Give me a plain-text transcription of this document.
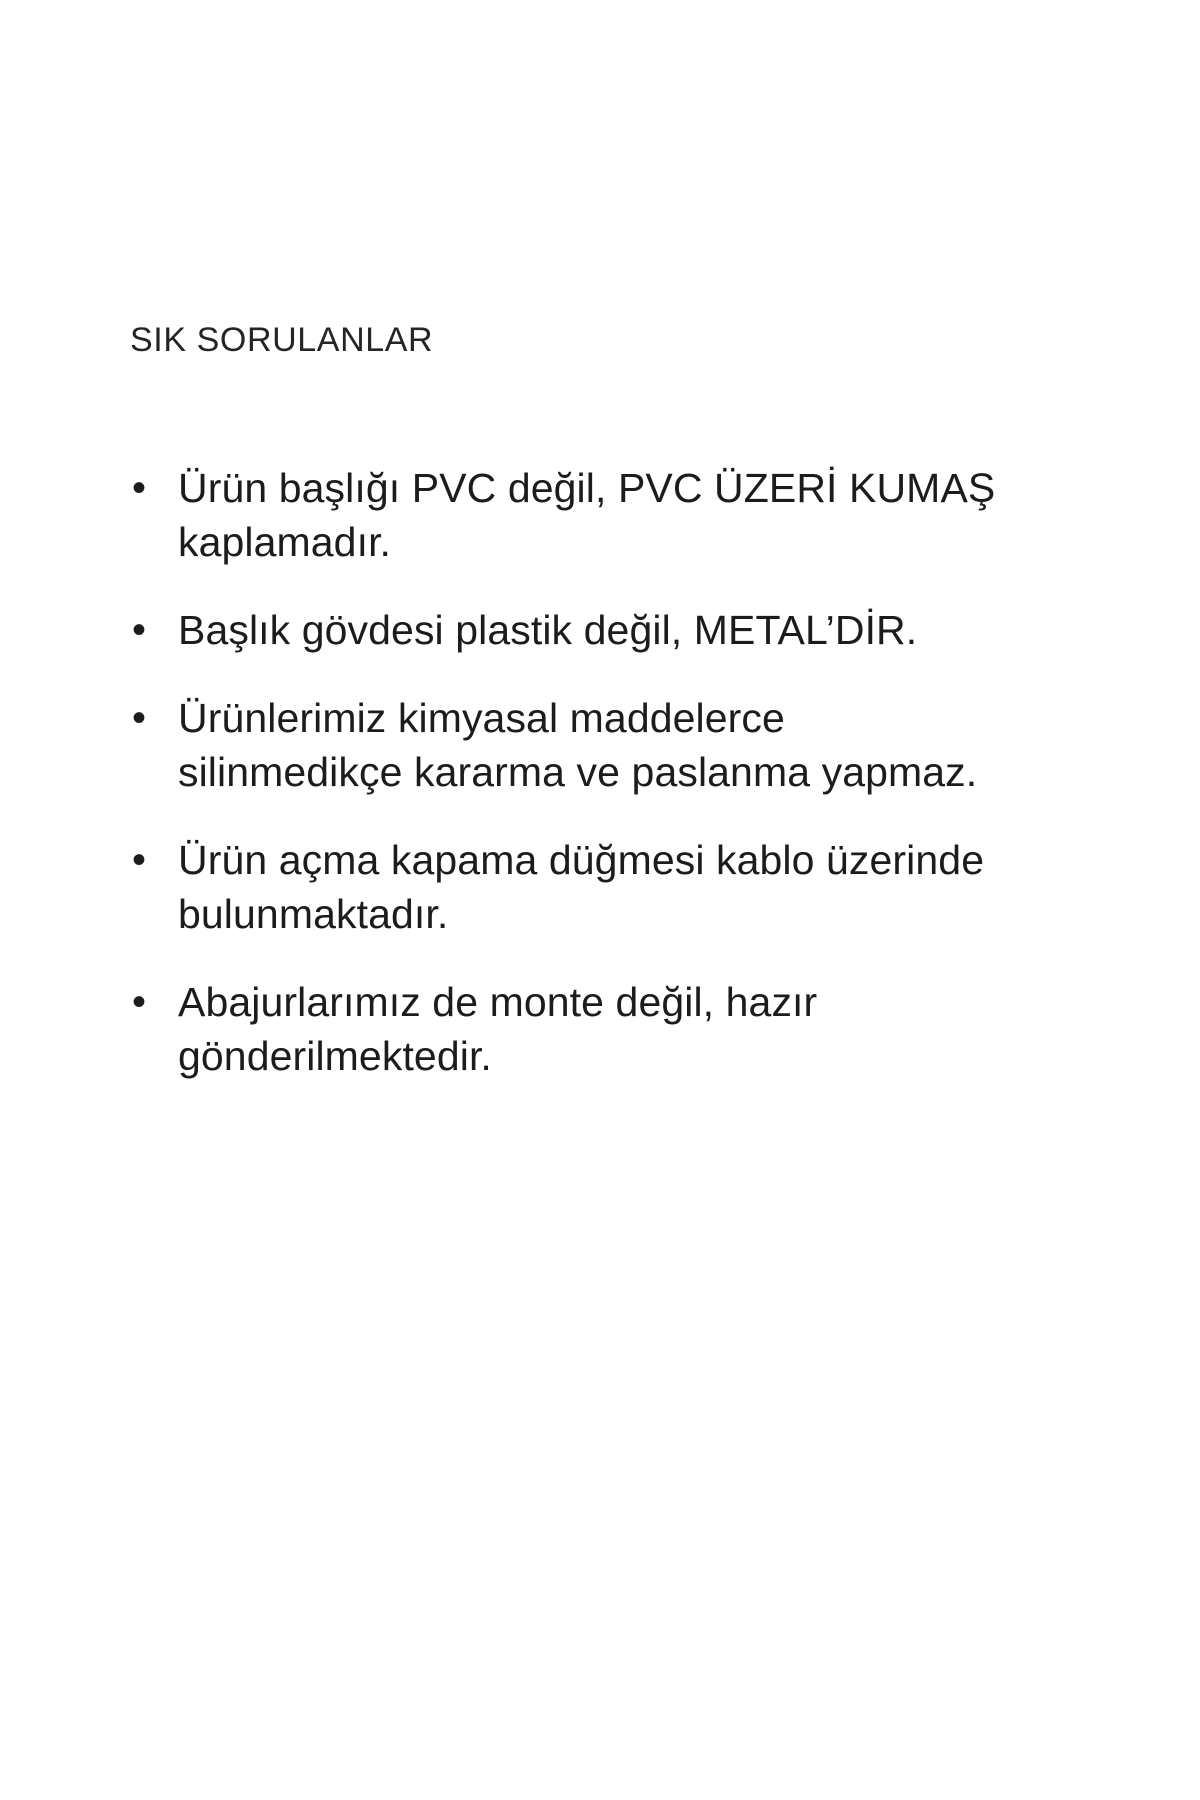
SIK SORULANLAR
• Ürün başlığı PVC değil, PVC ÜZERİ KUMAŞ kaplamadır.
• Başlık gövdesi plastik değil, METAL’DİR.
• Ürünlerimiz kimyasal maddelerce silinmedikçe kararma ve paslanma yapmaz.
• Ürün açma kapama düğmesi kablo üzerinde bulunmaktadır.
• Abajurlarımız de monte değil, hazır gönderilmektedir.
